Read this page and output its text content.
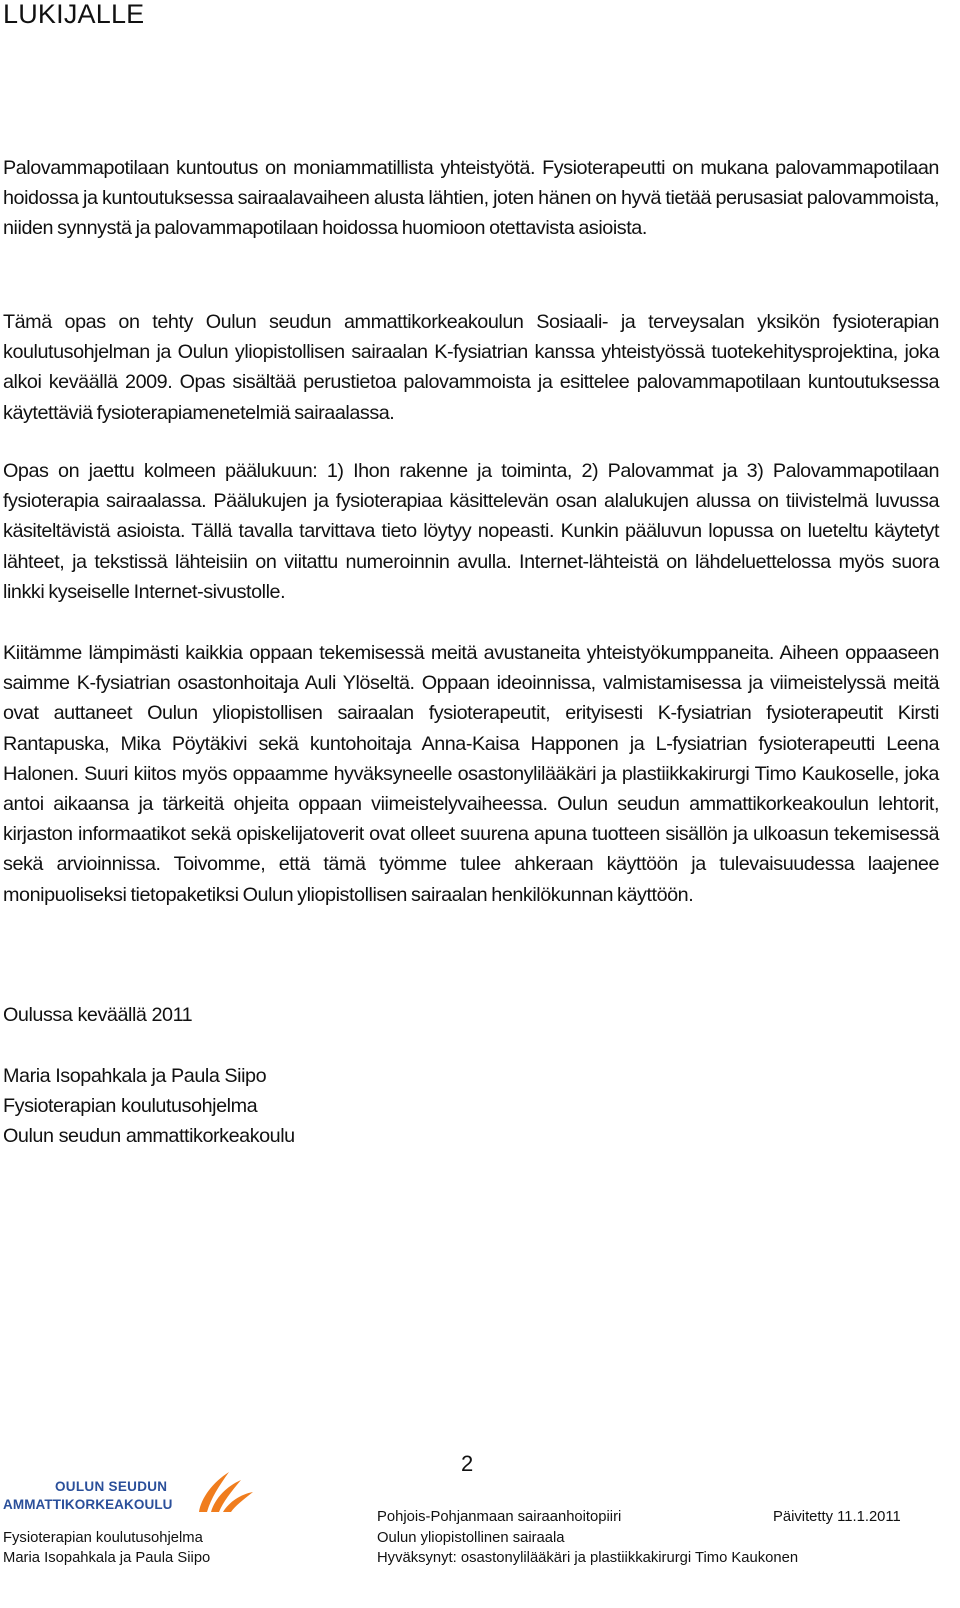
LUKIJALLE

Palovammapotilaan kuntoutus on moniammatillista yhteistyötä. Fysioterapeutti on mukana palovammapotilaan hoidossa ja kuntoutuksessa sairaalavaiheen alusta lähtien, joten hänen on hyvä tietää perusasiat palovammoista, niiden synnystä ja palovammapotilaan hoidossa huomioon otettavista asioista.

Tämä opas on tehty Oulun seudun ammattikorkeakoulun Sosiaali- ja terveysalan yksikön fysioterapian koulutusohjelman ja Oulun yliopistollisen sairaalan K-fysiatrian kanssa yhteistyössä tuotekehitysprojektina, joka alkoi keväällä 2009. Opas sisältää perustietoa palovammoista ja esittelee palovammapotilaan kuntoutuksessa käytettäviä fysioterapiamenetelmiä sairaalassa.

Opas on jaettu kolmeen päälukuun: 1) Ihon rakenne ja toiminta, 2) Palovammat ja 3) Palovammapotilaan fysioterapia sairaalassa. Päälukujen ja fysioterapiaa käsittelevän osan alalukujen alussa on tiivistelmä luvussa käsiteltävistä asioista. Tällä tavalla tarvittava tieto löytyy nopeasti. Kunkin pääluvun lopussa on lueteltu käytetyt lähteet, ja tekstissä lähteisiin on viitattu numeroinnin avulla. Internet-lähteistä on lähdeluettelossa myös suora linkki kyseiselle Internet-sivustolle.

Kiitämme lämpimästi kaikkia oppaan tekemisessä meitä avustaneita yhteistyökumppaneita. Aiheen oppaaseen saimme K-fysiatrian osastonhoitaja Auli Ylöseltä. Oppaan ideoinnissa, valmistamisessa ja viimeistelyssä meitä ovat auttaneet Oulun yliopistollisen sairaalan fysioterapeutit, erityisesti K-fysiatrian fysioterapeutit Kirsti Rantapuska, Mika Pöytäkivi sekä kuntohoitaja Anna-Kaisa Happonen ja L-fysiatrian fysioterapeutti Leena Halonen. Suuri kiitos myös oppaamme hyväksyneelle osastonylilääkäri ja plastiikkakirurgi Timo Kaukoselle, joka antoi aikaansa ja tärkeitä ohjeita oppaan viimeistelyvaiheessa. Oulun seudun ammattikorkeakoulun lehtorit, kirjaston informaatikot sekä opiskelijatoverit ovat olleet suurena apuna tuotteen sisällön ja ulkoasun tekemisessä sekä arvioinnissa. Toivomme, että tämä työmme tulee ahkeraan käyttöön ja tulevaisuudessa laajenee monipuoliseksi tietopaketiksi Oulun yliopistollisen sairaalan henkilökunnan käyttöön.

Oulussa keväällä 2011
Maria Isopahkala ja Paula Siipo
Fysioterapian koulutusohjelma
Oulun seudun ammattikorkeakoulu
2
OULUN SEUDUN
AMMATTIKORKEAKOULU
Fysioterapian koulutusohjelma
Maria Isopahkala ja Paula Siipo
Pohjois-Pohjanmaan sairaanhoitopiiri
Oulun yliopistollinen sairaala
Hyväksynyt: osastonylilääkäri ja plastiikkakirurgi Timo Kaukonen
Päivitetty 11.1.2011
